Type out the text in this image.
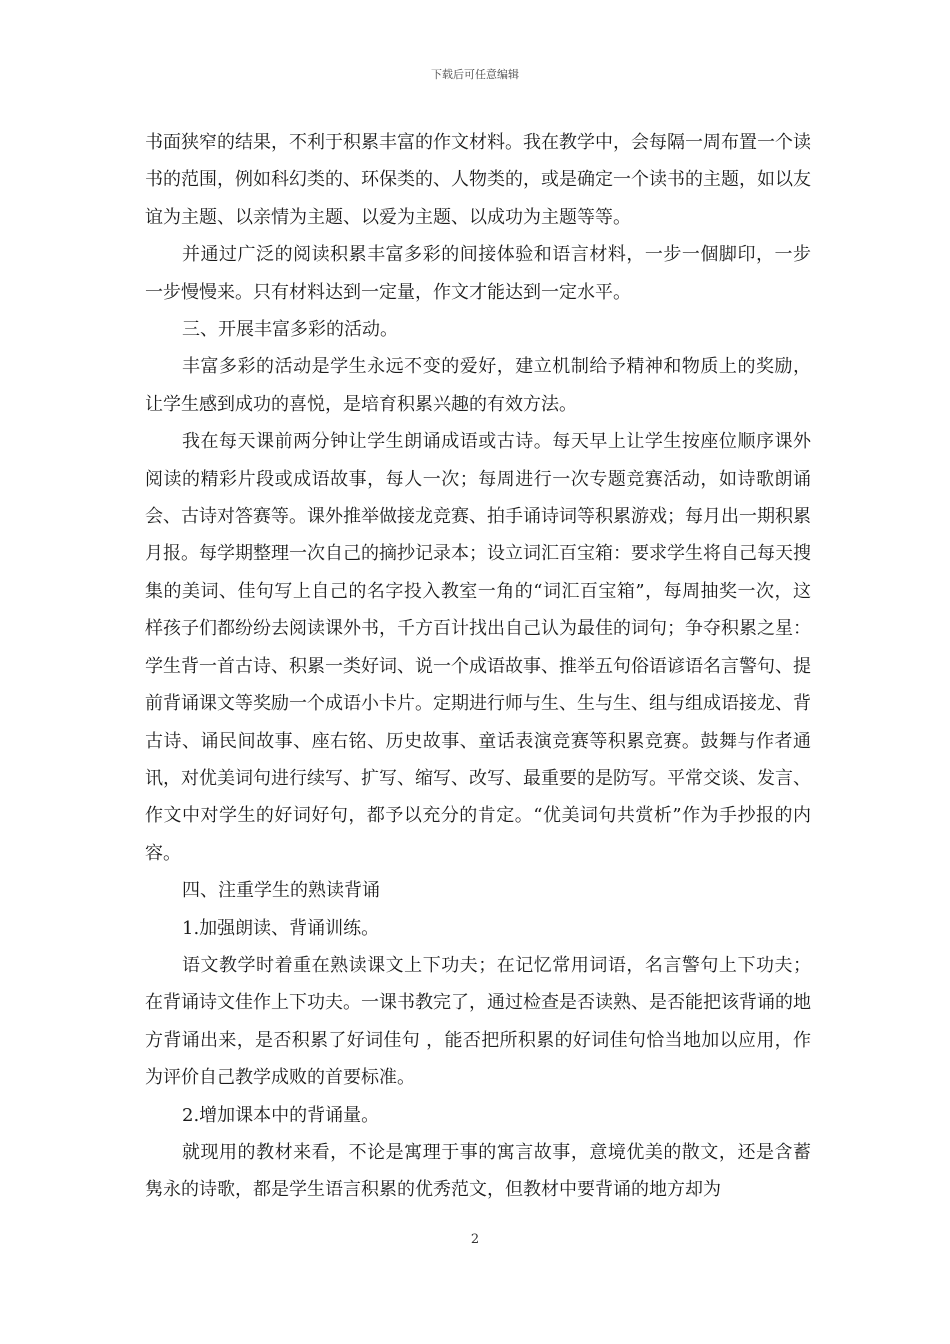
下载后可任意编辑

书面狭窄的结果，不利于积累丰富的作文材料。我在教学中，会每隔一周布置一个读书的范围，例如科幻类的、环保类的、人物类的，或是确定一个读书的主题，如以友谊为主题、以亲情为主题、以爱为主题、以成功为主题等等。

并通过广泛的阅读积累丰富多彩的间接体验和语言材料，一步一個脚印，一步一步慢慢来。只有材料达到一定量，作文才能达到一定水平。

三、开展丰富多彩的活动。

丰富多彩的活动是学生永远不变的爱好，建立机制给予精神和物质上的奖励，让学生感到成功的喜悦，是培育积累兴趣的有效方法。

我在每天课前两分钟让学生朗诵成语或古诗。每天早上让学生按座位顺序课外阅读的精彩片段或成语故事，每人一次；每周进行一次专题竞赛活动，如诗歌朗诵会、古诗对答赛等。课外推举做接龙竞赛、拍手诵诗词等积累游戏；每月出一期积累月报。每学期整理一次自己的摘抄记录本；设立词汇百宝箱：要求学生将自己每天搜集的美词、佳句写上自己的名字投入教室一角的“词汇百宝箱”，每周抽奖一次，这样孩子们都纷纷去阅读课外书，千方百计找出自己认为最佳的词句；争夺积累之星：学生背一首古诗、积累一类好词、说一个成语故事、推举五句俗语谚语名言警句、提前背诵课文等奖励一个成语小卡片。定期进行师与生、生与生、组与组成语接龙、背古诗、诵民间故事、座右铭、历史故事、童话表演竞赛等积累竞赛。鼓舞与作者通讯，对优美词句进行续写、扩写、缩写、改写、最重要的是防写。平常交谈、发言、作文中对学生的好词好句，都予以充分的肯定。“优美词句共赏析”作为手抄报的内容。

四、注重学生的熟读背诵

1.加强朗读、背诵训练。

语文教学时着重在熟读课文上下功夫；在记忆常用词语，名言警句上下功夫；在背诵诗文佳作上下功夫。一课书教完了，通过检查是否读熟、是否能把该背诵的地方背诵出来，是否积累了好词佳句 ，能否把所积累的好词佳句恰当地加以应用，作为评价自己教学成败的首要标准。

2.增加课本中的背诵量。

就现用的教材来看，不论是寓理于事的寓言故事，意境优美的散文，还是含蓄隽永的诗歌，都是学生语言积累的优秀范文，但教材中要背诵的地方却为

2
